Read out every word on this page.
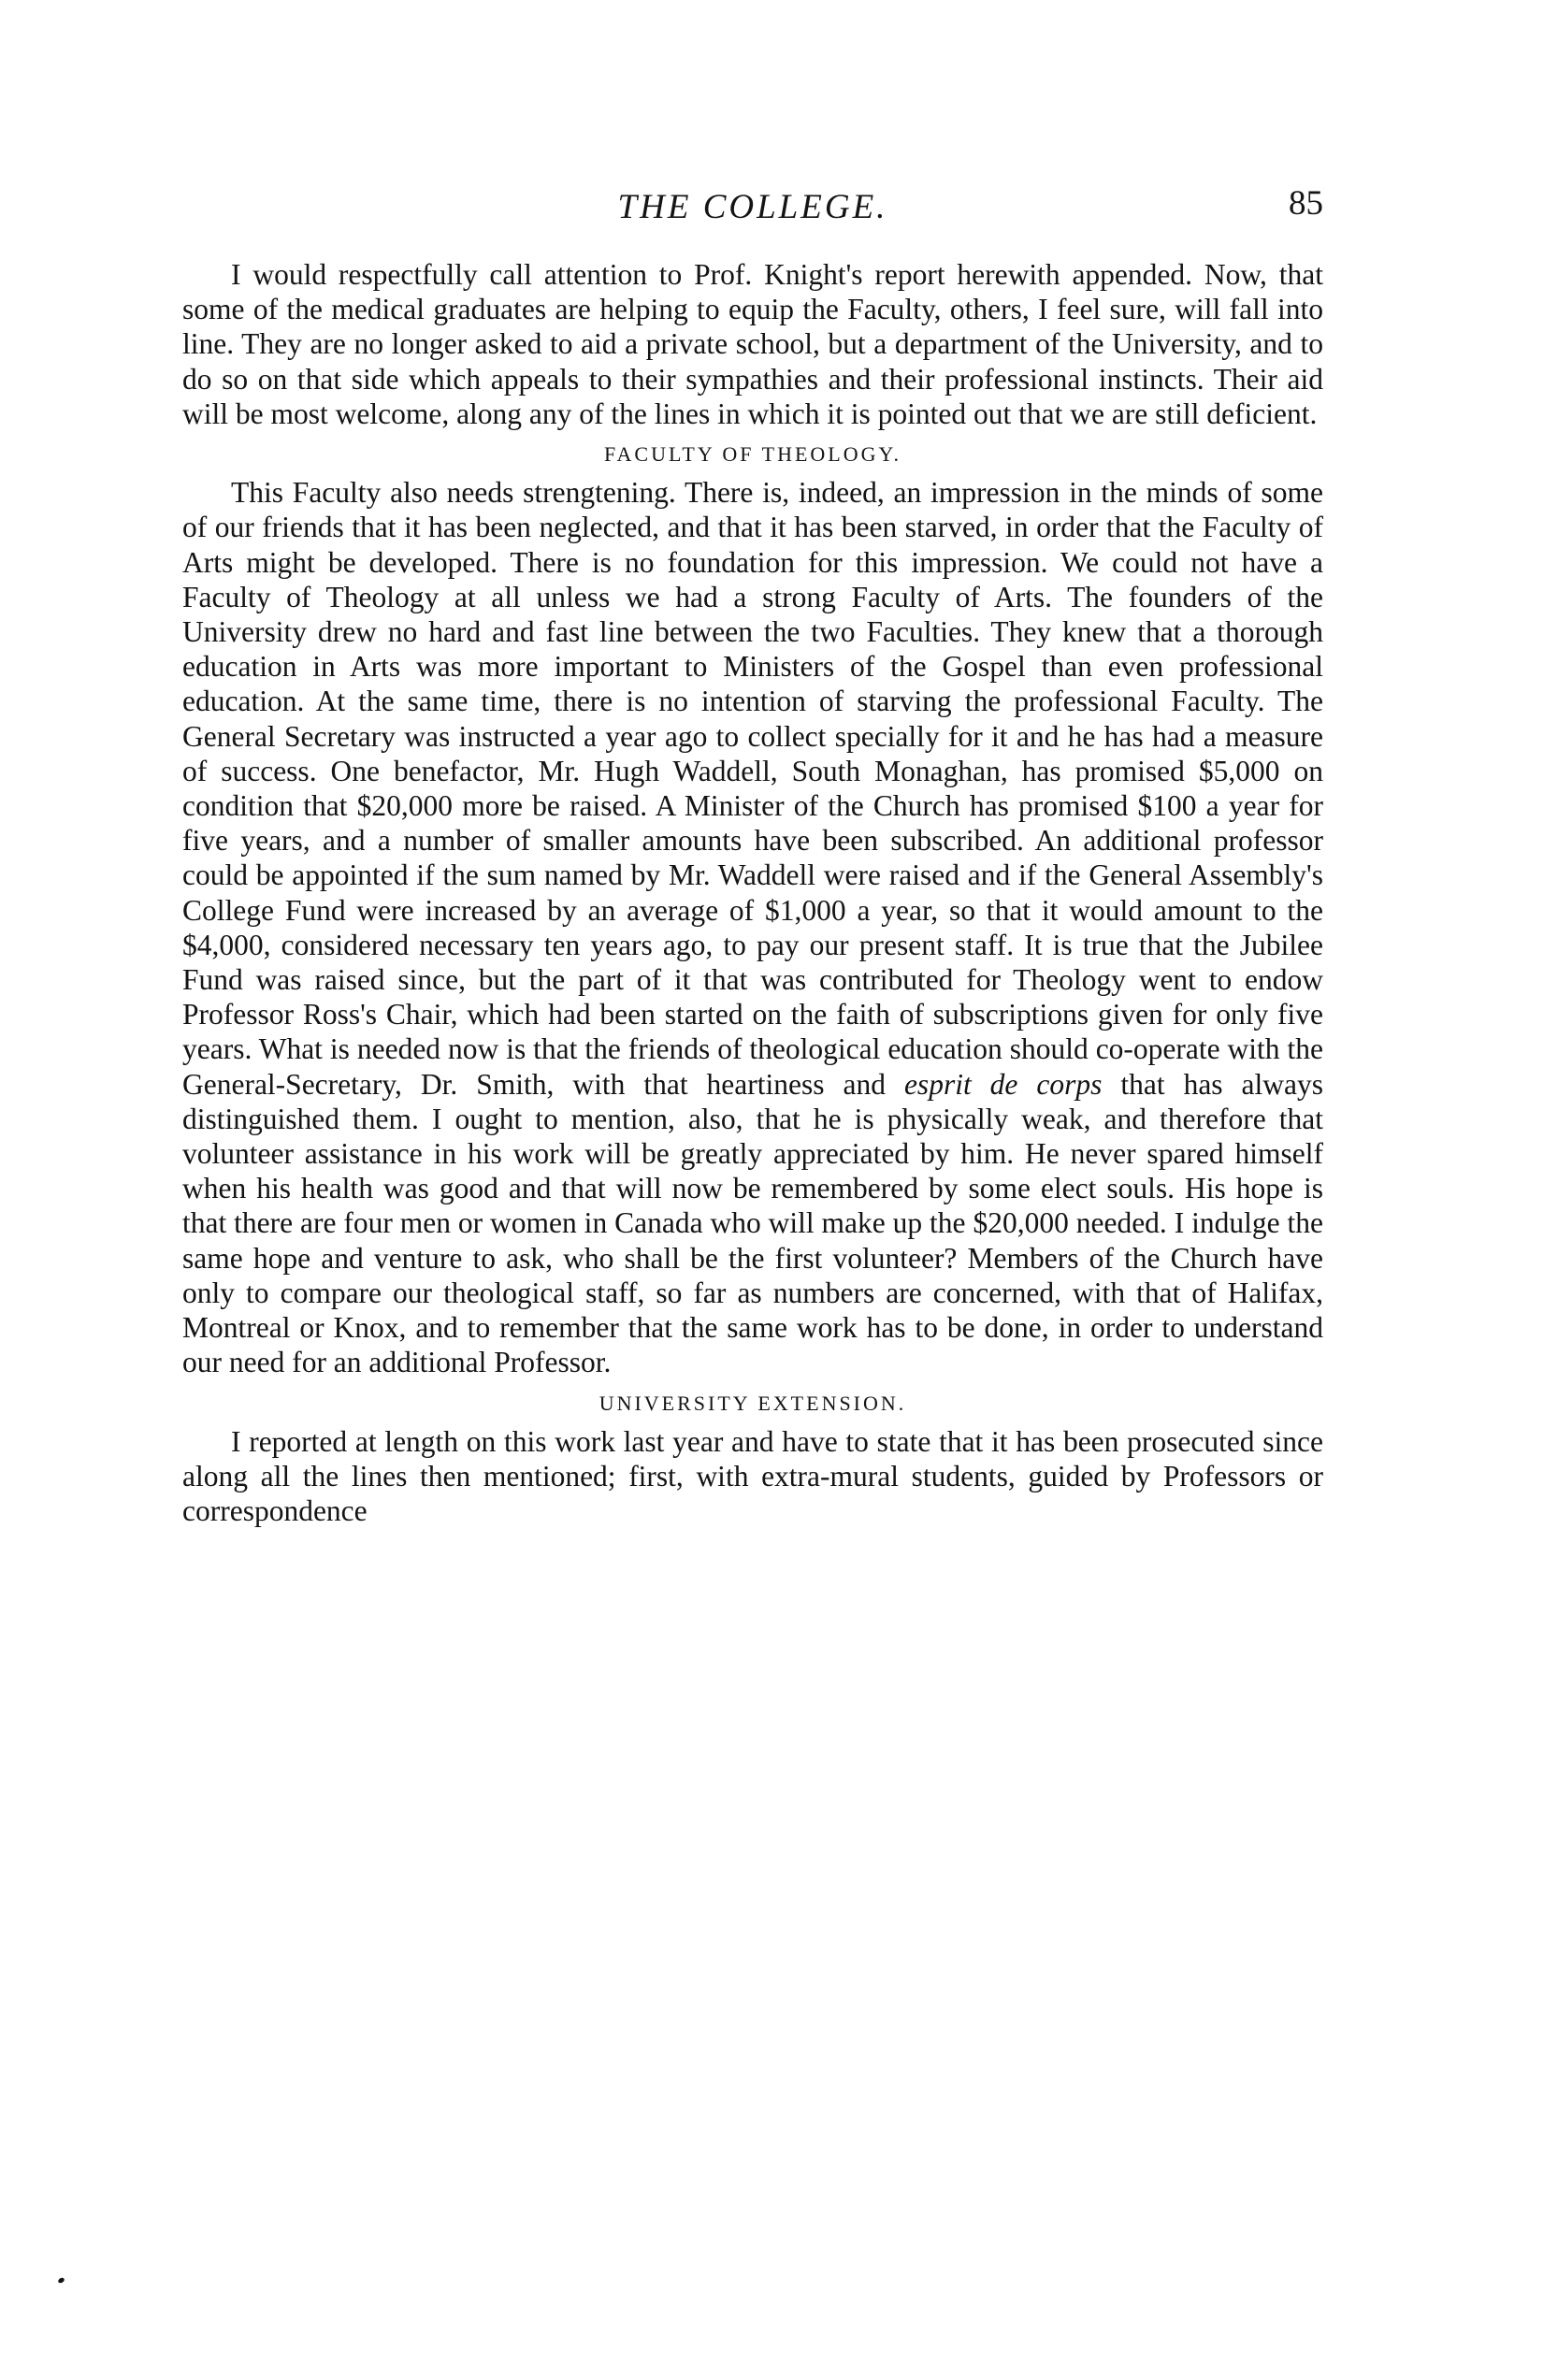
THE COLLEGE.	85

I would respectfully call attention to Prof. Knight's report herewith appended. Now, that some of the medical graduates are helping to equip the Faculty, others, I feel sure, will fall into line. They are no longer asked to aid a private school, but a department of the University, and to do so on that side which appeals to their sympathies and their professional instincts. Their aid will be most welcome, along any of the lines in which it is pointed out that we are still deficient.

FACULTY OF THEOLOGY.

This Faculty also needs strengtening. There is, indeed, an impression in the minds of some of our friends that it has been neglected, and that it has been starved, in order that the Faculty of Arts might be developed. There is no foundation for this impression. We could not have a Faculty of Theology at all unless we had a strong Faculty of Arts. The founders of the University drew no hard and fast line between the two Faculties. They knew that a thorough education in Arts was more important to Ministers of the Gospel than even professional education. At the same time, there is no intention of starving the professional Faculty. The General Secretary was instructed a year ago to collect specially for it and he has had a measure of success. One benefactor, Mr. Hugh Waddell, South Monaghan, has promised $5,000 on condition that $20,000 more be raised. A Minister of the Church has promised $100 a year for five years, and a number of smaller amounts have been subscribed. An additional professor could be appointed if the sum named by Mr. Waddell were raised and if the General Assembly's College Fund were increased by an average of $1,000 a year, so that it would amount to the $4,000, considered necessary ten years ago, to pay our present staff. It is true that the Jubilee Fund was raised since, but the part of it that was contributed for Theology went to endow Professor Ross's Chair, which had been started on the faith of subscriptions given for only five years. What is needed now is that the friends of theological education should co-operate with the General-Secretary, Dr. Smith, with that heartiness and esprit de corps that has always distinguished them. I ought to mention, also, that he is physically weak, and therefore that volunteer assistance in his work will be greatly appreciated by him. He never spared himself when his health was good and that will now be remembered by some elect souls. His hope is that there are four men or women in Canada who will make up the $20,000 needed. I indulge the same hope and venture to ask, who shall be the first volunteer? Members of the Church have only to compare our theological staff, so far as numbers are concerned, with that of Halifax, Montreal or Knox, and to remember that the same work has to be done, in order to understand our need for an additional Professor.

UNIVERSITY EXTENSION.

I reported at length on this work last year and have to state that it has been prosecuted since along all the lines then mentioned; first, with extra-mural students, guided by Professors or correspondence
